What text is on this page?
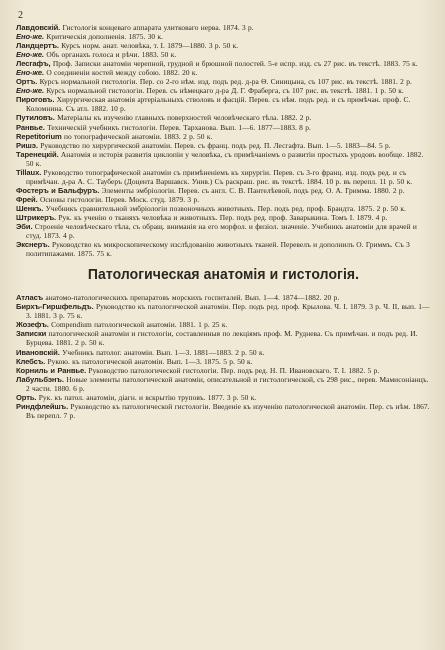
2

Лавдовскій. Гистологія концеваго аппарата улитковаго нерва. 1874. 3 р.

Ено-же. Критическія дополненія. 1875. 30 к.

Ландцертъ. Курсъ норм. анат. человѣка, т. І. 1879—1880. 3 р. 50 к.

Ено-же. Объ органахъ голоса и рѣчи. 1883. 50 к.

Лесгафъ, Проф. Записки анатоміи черепной, грудной и брюшной полостей. 5-е испр. изд. съ 27 рис. въ текстѣ. 1883. 75 к.

Ено-же. О соединеніи костей между собою. 1882. 20 к.

Ортъ. Курсъ нормальной гистологіи. Пер. со 2-го нѣм. изд. подъ ред. д-ра Ѳ. Синицына, съ 107 рис. въ текстѣ. 1881. 2 р.

Ено-же. Курсъ нормальной гистологіи. Перев. съ нѣмецкаго д-ра Д. Г. Фраберга, съ 107 рис. въ текстѣ. 1881. 1 р. 50 к.

Пироговъ. Хирургическая анатомія артеріальныхъ стволовъ и фасцій. Перев. съ нѣм. подъ ред. и съ примѣчан. проф. С. Коломнина. Съ атл. 1882. 10 р.

Путиловъ. Матеріалы къ изученію главныхъ поверхностей человѣческаго тѣла. 1882. 2 р.

Ранвье. Техническій учебникъ гистологіи. Перев. Тарханова. Вып. 1—6. 1877—1883. 8 р.

Repetitorium по топографической анатоміи. 1883. 2 р. 50 к.

Ришэ. Руководство по хирургической анатоміи. Перев. съ франц. подъ ред. П. Лесгафта. Вып. 1—5. 1883—84. 5 р.

Таренецкій. Анатомія и исторія развитія циклопіи у человѣка, съ примѣчаніемъ о развитіи простыхъ уродовъ вообще. 1882. 50 к.

Tillaux. Руководство топографической анатоміи съ примѣненіемъ къ хирургіи. Перев. съ 3-го франц. изд. подъ ред. и съ примѣчан. д-ра А. С. Тауберъ (Доцента Варшавск. Унив.) Съ раскраш. рис. въ текстѣ. 1884. 10 р. въ перепл. 11 р. 50 к.

Фостеръ и Бальфуръ. Элементы эмбріологіи. Перев. съ англ. С. В. Пантелѣевой, подъ ред. О. А. Гримма. 1880. 2 р.

Фрей. Основы гистологіи. Перев. Моск. студ. 1879. 3 р.

Шенкъ. Учебникъ сравнительной эмбріологіи позвоночныхъ животныхъ. Пер. подъ ред. проф. Брандта. 1875. 2 р. 50 к.

Штрикеръ. Рук. къ ученію о тканяхъ человѣка и животныхъ. Пер. подъ ред. проф. Заварыкина. Томъ І. 1879. 4 р.

Эби. Строеніе человѣческаго тѣла, съ обращ. вниманія на его морфол. и физіол. значеніе. Учебникъ анатоміи для врачей и студ. 1873. 4 р.

Экснеръ. Руководство къ микроскопическому изслѣдованію животныхъ тканей. Перевелъ и дополнилъ О. Гриммъ. Съ 3 политипажами. 1875. 75 к.

Патологическая анатомія и гистологія.

Атласъ анатомо-патологическихъ препаратовъ морскихъ госпиталей. Вып. 1—4. 1874—1882. 20 р.

Бирхъ-Гиршфельдъ. Руководство къ патологической анатоміи. Пер. подъ ред. проф. Крылова. Ч. І. 1879. 3 р. Ч. II, вып. 1—3. 1881. 3 р. 75 к.

Жозефъ. Compendium патологической анатоміи. 1881. 1 р. 25 к.

Записки патологической анатоміи и гистологіи, составленныя по лекціямъ проф. М. Руднева. Съ примѣчан. и подъ ред. И. Бурцева. 1881. 2 р. 50 к.

Ивановскій. Учебникъ патолог. анатоміи. Вып. 1—3. 1881—1883. 2 р. 50 к.

Клебсъ. Рукою. къ патологической анатоміи. Вып. 1—3. 1875. 5 р. 50 к.

Корниль и Ранвье. Руководство патологической гистологіи. Пер. подъ ред. Н. П. Ивановскаго. Т. І. 1882. 5 р.

Лабульбэнъ. Новые элементы патологической анатоміи, описательной и гистологической, съ 298 рис., перев. Мамисоніанцъ. 2 части. 1880. 6 р.

Орть. Рук. къ патол. анатоміи, діагн. и вскрытію труповъ. 1877. 3 р. 50 к.

Риндфлейшъ. Руководство къ патологической гистологіи. Введеніе къ изученію патологической анатоміи. Пер. съ нѣм. 1867. Въ перепл. 7 р.
